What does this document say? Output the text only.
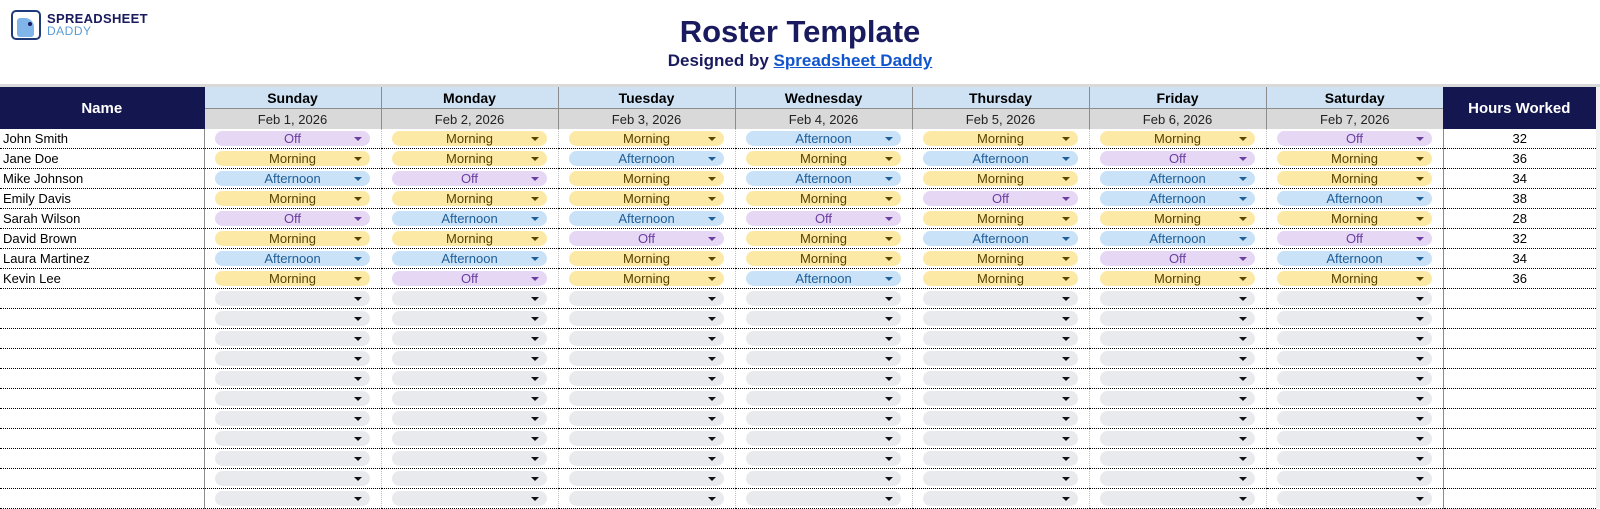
SPREADSHEET
DADDY	Roster Template
Designed by Spreadsheet Daddy
Name	Sunday	Monday	Tuesday	Wednesday	Thursday	Friday	Saturday	Hours Worked
	Feb 1, 2026	Feb 2, 2026	Feb 3, 2026	Feb 4, 2026	Feb 5, 2026	Feb 6, 2026	Feb 7, 2026	
John Smith	Off	Morning	Morning	Afternoon	Morning	Morning	Off	32
Jane Doe	Morning	Morning	Afternoon	Morning	Afternoon	Off	Morning	36
Mike Johnson	Afternoon	Off	Morning	Afternoon	Morning	Afternoon	Morning	34
Emily Davis	Morning	Morning	Morning	Morning	Off	Afternoon	Afternoon	38
Sarah Wilson	Off	Afternoon	Afternoon	Off	Morning	Morning	Morning	28
David Brown	Morning	Morning	Off	Morning	Afternoon	Afternoon	Off	32
Laura Martinez	Afternoon	Afternoon	Morning	Morning	Morning	Off	Afternoon	34
Kevin Lee	Morning	Off	Morning	Afternoon	Morning	Morning	Morning	36
